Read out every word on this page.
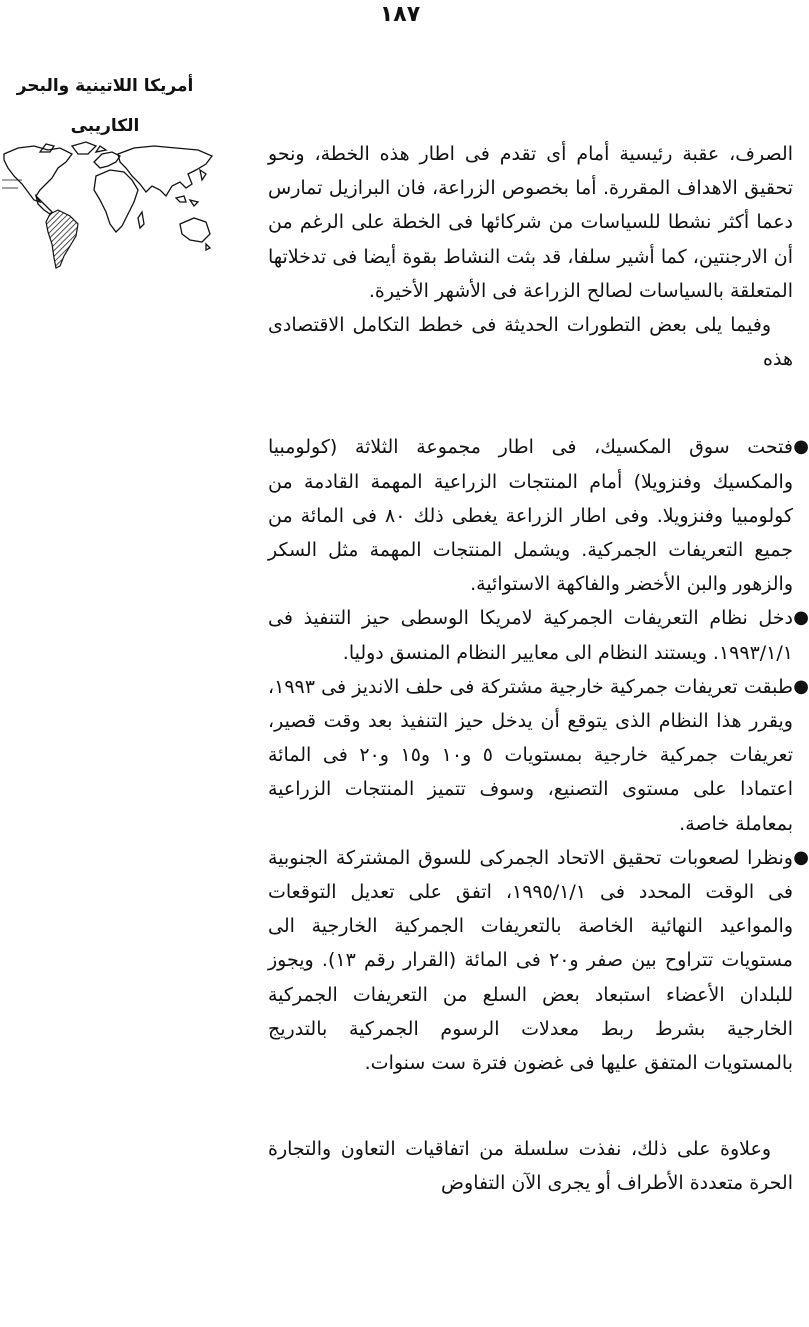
١٨٧
أمريكا اللاتينية والبحر
الكاريبى

الصرف، عقبة رئيسية أمام أى تقدم فى اطار هذه الخطة، ونحو تحقيق الاهداف المقررة. أما بخصوص الزراعة، فان البرازيل تمارس دعما أكثر نشطا للسياسات من شركائها فى الخطة على الرغم من أن الارجنتين، كما أشير سلفا، قد بثت النشاط بقوة أيضا فى تدخلاتها المتعلقة بالسياسات لصالح الزراعة فى الأشهر الأخيرة.

وفيما يلى بعض التطورات الحديثة فى خطط التكامل الاقتصادى هذه

●
فتحت سوق المكسيك، فى اطار مجموعة الثلاثة (كولومبيا والمكسيك وفنزويلا) أمام المنتجات الزراعية المهمة القادمة من كولومبيا وفنزويلا. وفى اطار الزراعة يغطى ذلك ٨٠ فى المائة من جميع التعريفات الجمركية. ويشمل المنتجات المهمة مثل السكر والزهور والبن الأخضر والفاكهة الاستوائية.
●
دخل نظام التعريفات الجمركية لامريكا الوسطى حيز التنفيذ فى ١٩٩٣/١/١. ويستند النظام الى معايير النظام المنسق دوليا.
●
طبقت تعريفات جمركية خارجية مشتركة فى حلف الانديز فى ١٩٩٣، ويقرر هذا النظام الذى يتوقع أن يدخل حيز التنفيذ بعد وقت قصير، تعريفات جمركية خارجية بمستويات ٥ و١٠ و١٥ و٢٠ فى المائة اعتمادا على مستوى التصنيع، وسوف تتميز المنتجات الزراعية بمعاملة خاصة.
●
ونظرا لصعوبات تحقيق الاتحاد الجمركى للسوق المشتركة الجنوبية فى الوقت المحدد فى ١٩٩٥/١/١، اتفق على تعديل التوقعات والمواعيد النهائية الخاصة بالتعريفات الجمركية الخارجية الى مستويات تتراوح بين صفر و٢٠ فى المائة (القرار رقم ١٣). ويجوز للبلدان الأعضاء استبعاد بعض السلع من التعريفات الجمركية الخارجية بشرط ربط معدلات الرسوم الجمركية بالتدريج بالمستويات المتفق عليها فى غضون فترة ست سنوات.

وعلاوة على ذلك، نفذت سلسلة من اتفاقيات التعاون والتجارة الحرة متعددة الأطراف أو يجرى الآن التفاوض
